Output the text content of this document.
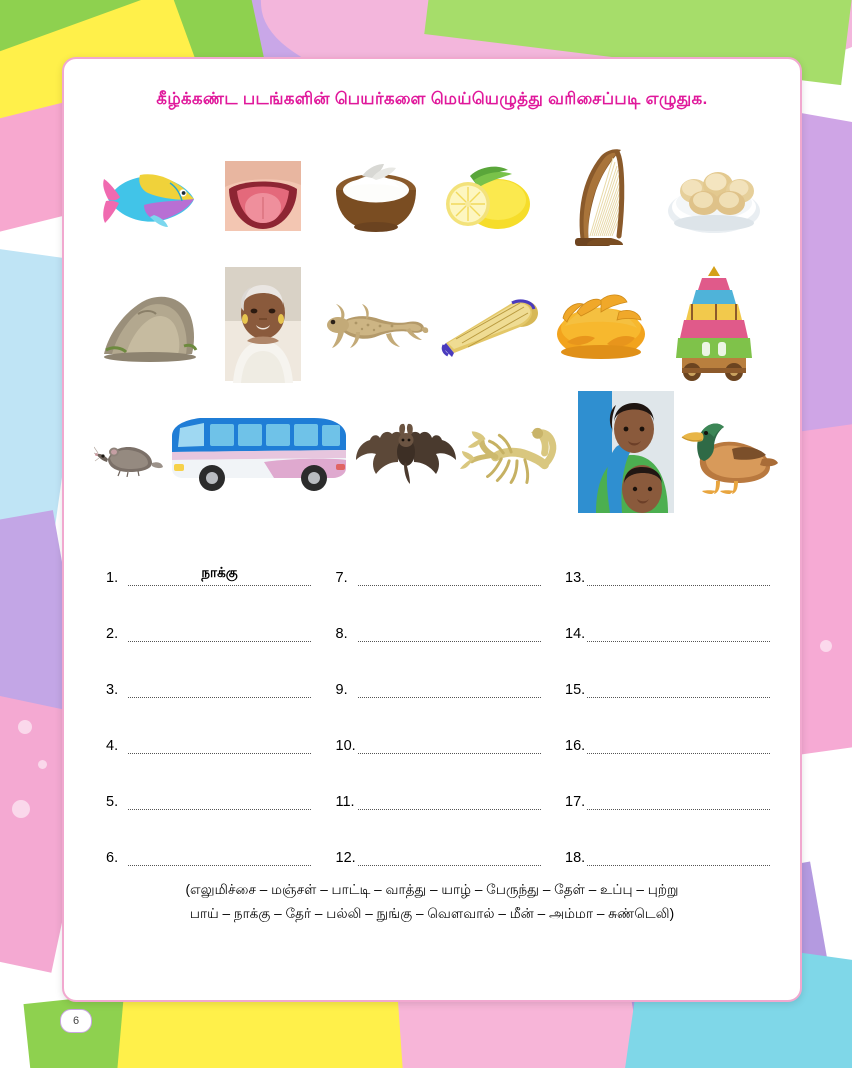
கீழ்க்கண்ட படங்களின் பெயர்களை மெய்யெழுத்து வரிசைப்படி எழுதுக.
1.	நாக்கு
2.
3.
4.
5.
6.
7.
8.
9.
10.
11.
12.
13.
14.
15.
16.
17.
18.
(எலுமிச்சை – மஞ்சள் – பாட்டி – வாத்து – யாழ் – பேருந்து – தேள் – உப்பு – புற்று
பாய் – நாக்கு – தேர் – பல்லி – நுங்கு – வௌவால் – மீன் – அம்மா – சுண்டெலி)
6
